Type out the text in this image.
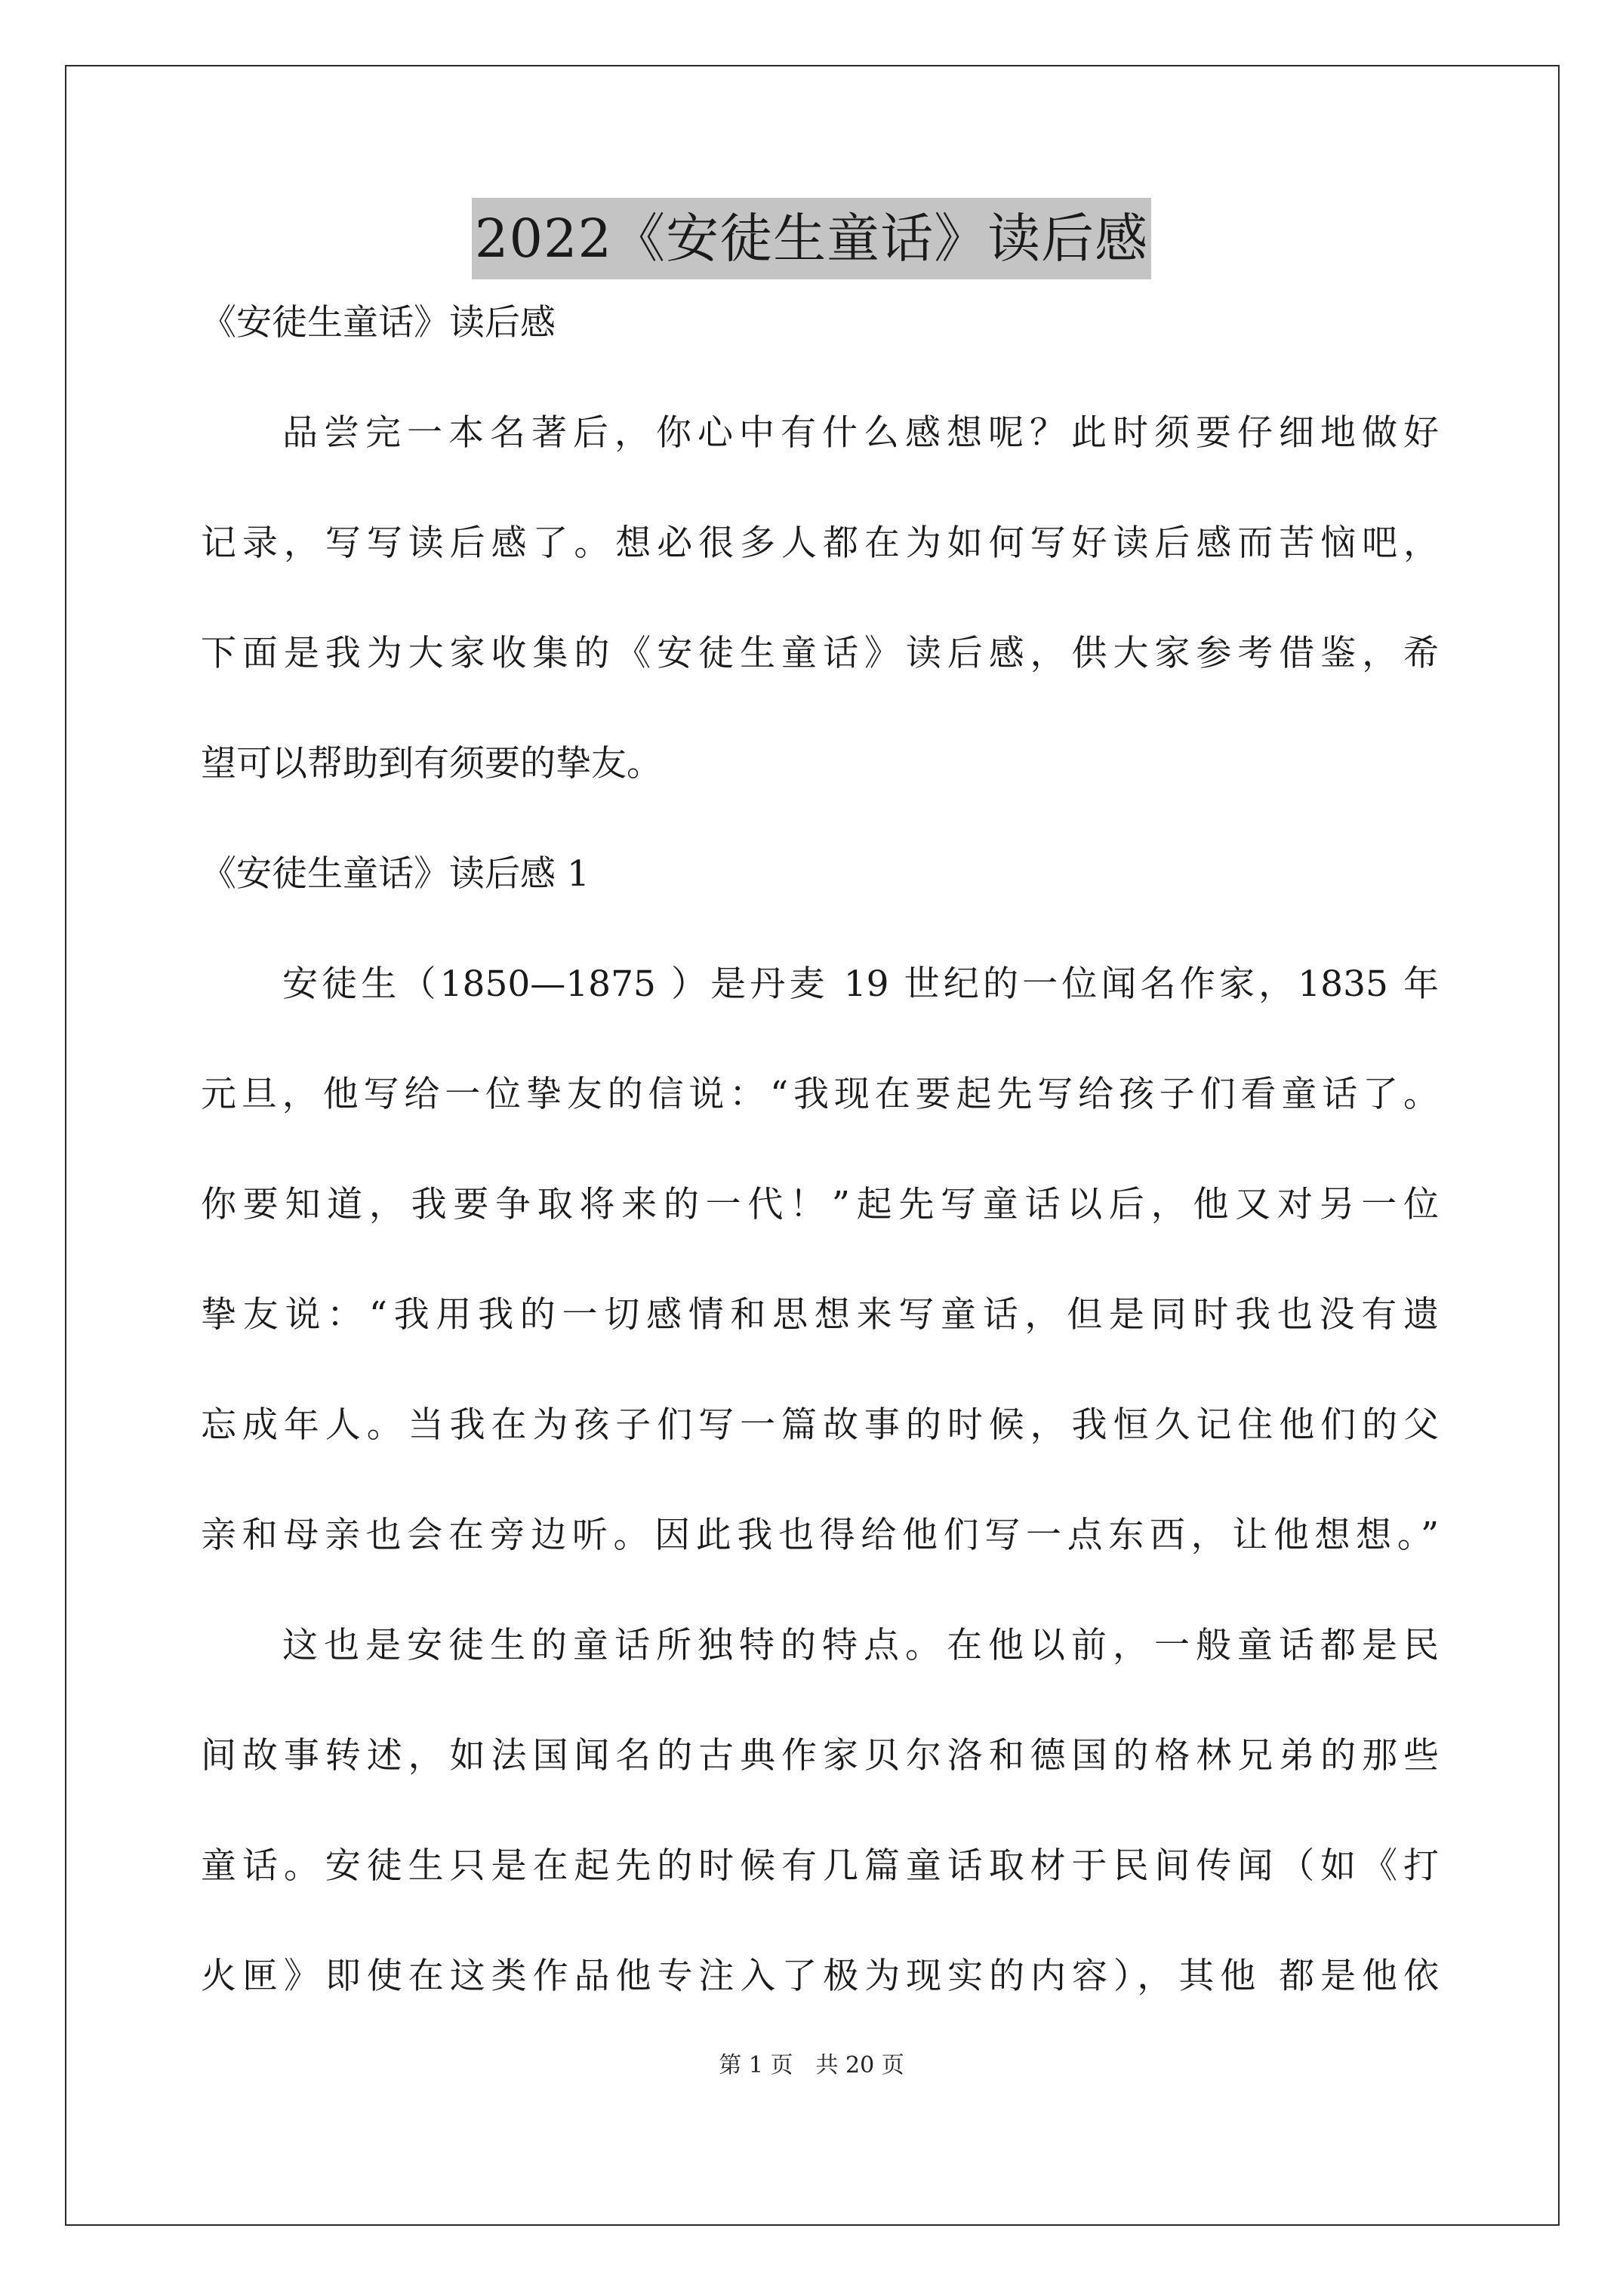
2022《安徒生童话》读后感
《安徒生童话》读后感
品尝完一本名著后，你心中有什么感想呢？此时须要仔细地做好
记录，写写读后感了。想必很多人都在为如何写好读后感而苦恼吧，
下面是我为大家收集的《安徒生童话》读后感，供大家参考借鉴，希
望可以帮助到有须要的挚友。
《安徒生童话》读后感 1
安徒生（1850—1875 ）是丹麦 19 世纪的一位闻名作家，1835 年
元旦，他写给一位挚友的信说：“我现在要起先写给孩子们看童话了。
你要知道，我要争取将来的一代！”起先写童话以后，他又对另一位
挚友说：“我用我的一切感情和思想来写童话，但是同时我也没有遗
忘成年人。当我在为孩子们写一篇故事的时候，我恒久记住他们的父
亲和母亲也会在旁边听。因此我也得给他们写一点东西，让他想想。”
这也是安徒生的童话所独特的特点。在他以前，一般童话都是民
间故事转述，如法国闻名的古典作家贝尔洛和德国的格林兄弟的那些
童话。安徒生只是在起先的时候有几篇童话取材于民间传闻（如《打
火匣》即使在这类作品他专注入了极为现实的内容），其他 都是他依
第 1 页　共 20 页
